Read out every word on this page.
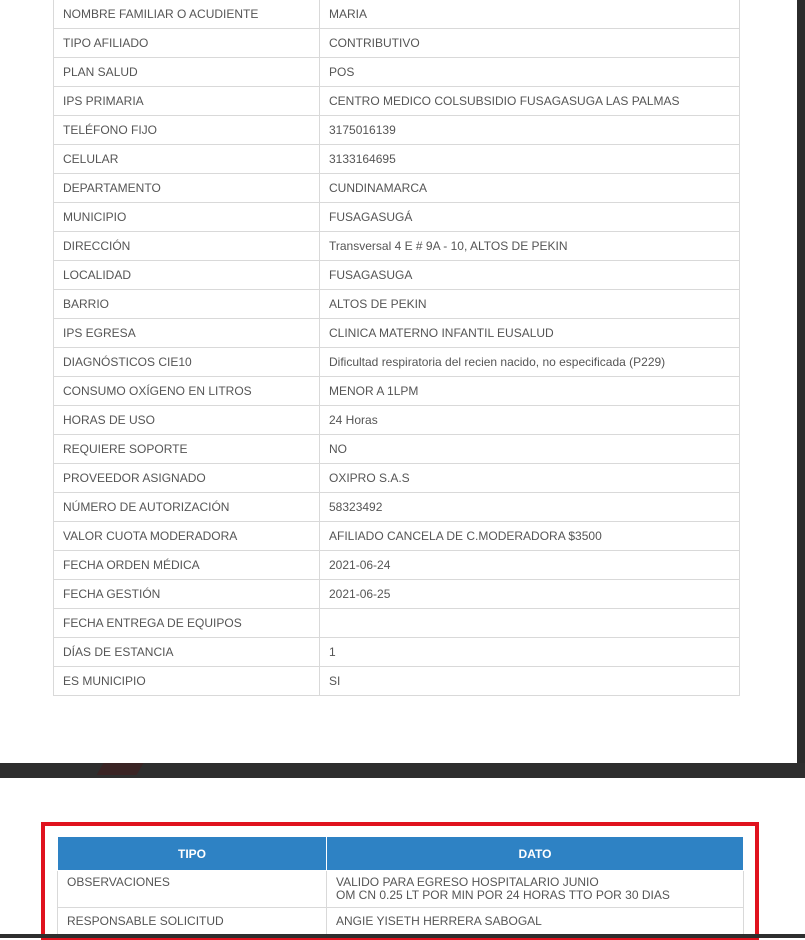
NOMBRE FAMILIAR O ACUDIENTE	MARIA
TIPO AFILIADO	CONTRIBUTIVO
PLAN SALUD	POS
IPS PRIMARIA	CENTRO MEDICO COLSUBSIDIO FUSAGASUGA LAS PALMAS
TELÉFONO FIJO	3175016139
CELULAR	3133164695
DEPARTAMENTO	CUNDINAMARCA
MUNICIPIO	FUSAGASUGÁ
DIRECCIÓN	Transversal 4 E # 9A - 10, ALTOS DE PEKIN
LOCALIDAD	FUSAGASUGA
BARRIO	ALTOS DE PEKIN
IPS EGRESA	CLINICA MATERNO INFANTIL EUSALUD
DIAGNÓSTICOS CIE10	Dificultad respiratoria del recien nacido, no especificada (P229)
CONSUMO OXÍGENO EN LITROS	MENOR A 1LPM
HORAS DE USO	24 Horas
REQUIERE SOPORTE	NO
PROVEEDOR ASIGNADO	OXIPRO S.A.S
NÚMERO DE AUTORIZACIÓN	58323492
VALOR CUOTA MODERADORA	AFILIADO CANCELA DE C.MODERADORA $3500
FECHA ORDEN MÉDICA	2021-06-24
FECHA GESTIÓN	2021-06-25
FECHA ENTREGA DE EQUIPOS	
DÍAS DE ESTANCIA	1
ES MUNICIPIO	SI
TIPO	DATO
OBSERVACIONES	VALIDO PARA EGRESO HOSPITALARIO JUNIO
OM CN 0.25 LT POR MIN POR 24 HORAS TTO POR 30 DIAS

RESPONSABLE SOLICITUD	ANGIE YISETH HERRERA SABOGAL
